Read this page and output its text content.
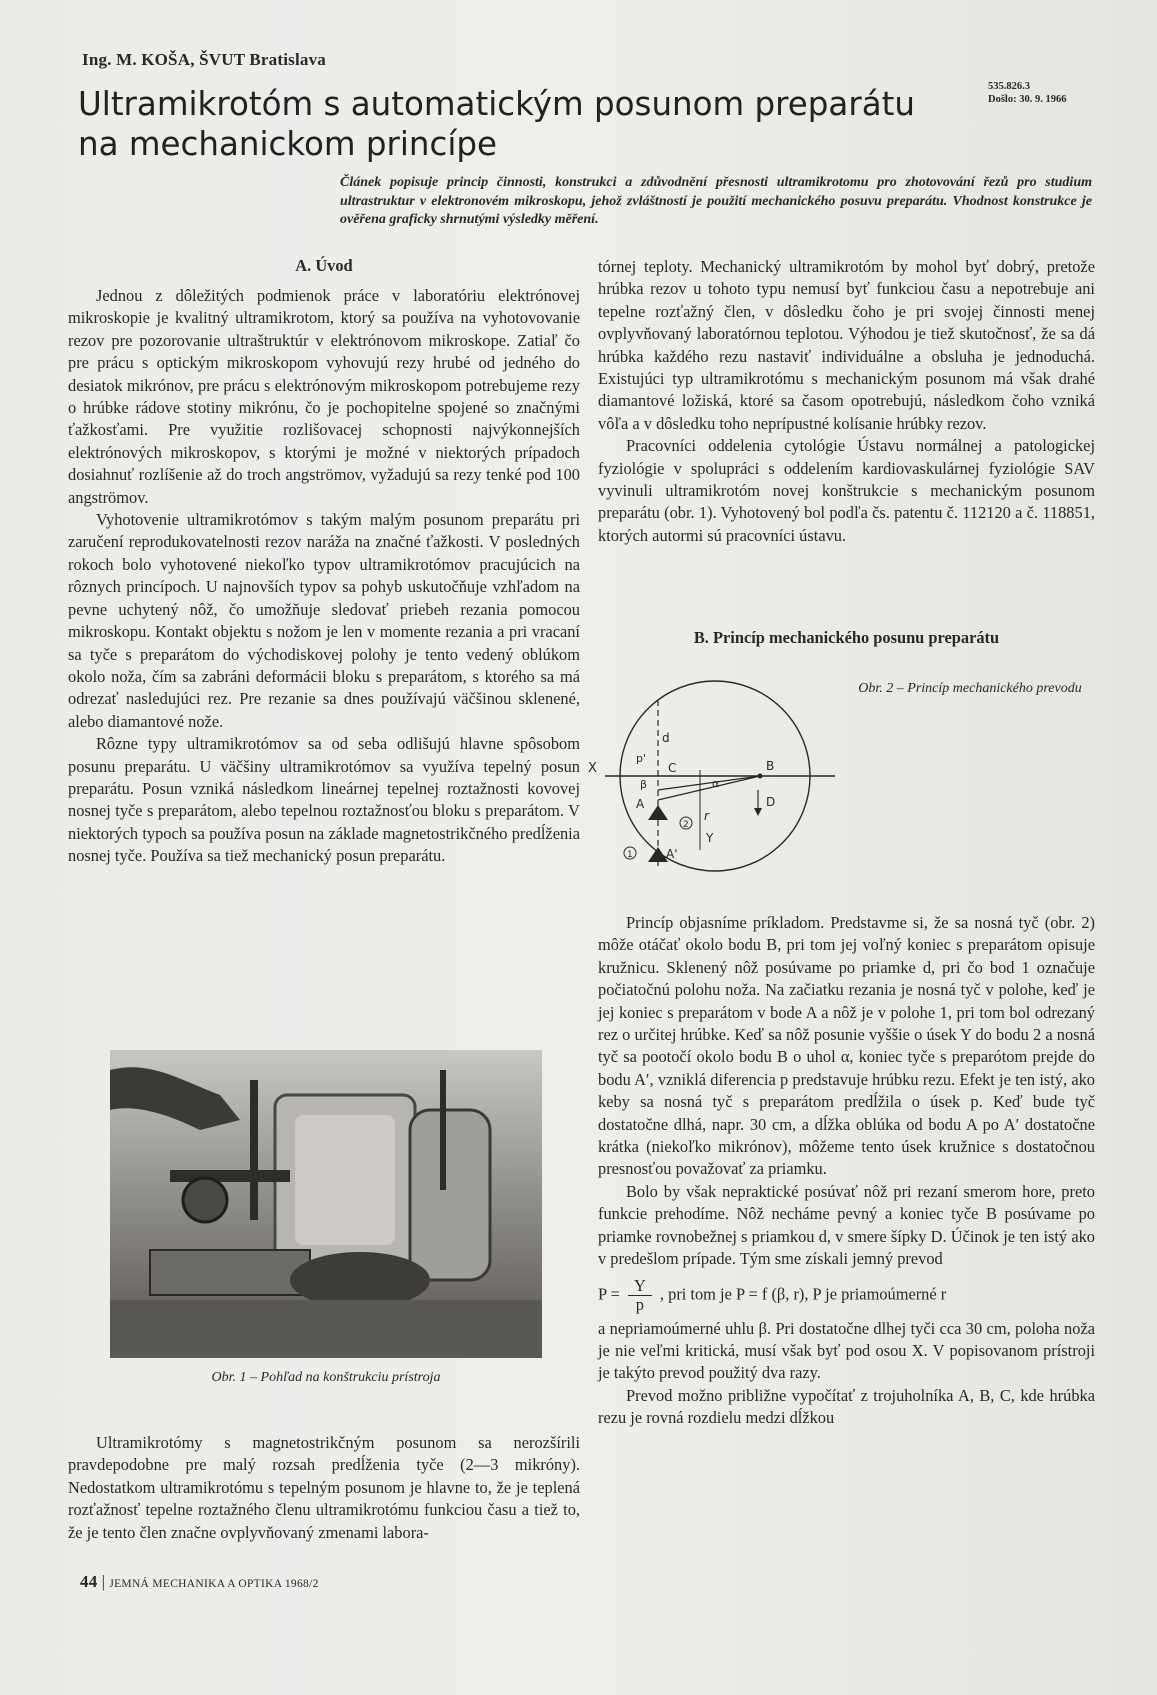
Ing. M. KOŠA, ŠVUT Bratislava
Ultramikrotóm s automatickým posunom preparátu
na mechanickom princípe
535.826.3
Došlo: 30. 9. 1966
Článek popisuje princip činnosti, konstrukci a zdůvodnění přesnosti ultramikrotomu pro zhotovování řezů pro studium ultrastruktur v elektronovém mikroskopu, jehož zvláštností je použití mechanického posuvu preparátu. Vhodnost konstrukce je ověřena graficky shrnutými výsledky měření.
A. Úvod

Jednou z dôležitých podmienok práce v laboratóriu elektrónovej mikroskopie je kvalitný ultramikrotom, ktorý sa používa na vyhotovovanie rezov pre pozorovanie ultraštruktúr v elektrónovom mikroskope. Zatiaľ čo pre prácu s optickým mikroskopom vyhovujú rezy hrubé od jedného do desiatok mikrónov, pre prácu s elektrónovým mikroskopom potrebujeme rezy o hrúbke rádove stotiny mikrónu, čo je pochopitelne spojené so značnými ťažkosťami. Pre využitie rozlišovacej schopnosti najvýkonnejších elektrónových mikroskopov, s ktorými je možné v niektorých prípadoch dosiahnuť rozlíšenie až do troch angströmov, vyžadujú sa rezy tenké pod 100 angströmov.

Vyhotovenie ultramikrotómov s takým malým posunom preparátu pri zaručení reprodukovatelnosti rezov naráža na značné ťažkosti. V posledných rokoch bolo vyhotovené niekoľko typov ultramikrotómov pracujúcich na rôznych princípoch. U najnovších typov sa pohyb uskutočňuje vzhľadom na pevne uchytený nôž, čo umožňuje sledovať priebeh rezania pomocou mikroskopu. Kontakt objektu s nožom je len v momente rezania a pri vracaní sa tyče s preparátom do východiskovej polohy je tento vedený oblúkom okolo noža, čím sa zabráni deformácii bloku s preparátom, s ktorého sa má odrezať nasledujúci rez. Pre rezanie sa dnes používajú väčšinou sklenené, alebo diamantové nože.

Rôzne typy ultramikrotómov sa od seba odlišujú hlavne spôsobom posunu preparátu. U väčšiny ultramikrotómov sa využíva tepelný posun preparátu. Posun vzniká následkom lineárnej tepelnej roztažnosti kovovej nosnej tyče s preparátom, alebo tepelnou roztažnosťou bloku s preparátom. V niektorých typoch sa používa posun na základe magnetostrikčného predĺženia nosnej tyče. Používa sa tiež mechanický posun preparátu.

Obr. 1 – Pohľad na konštrukciu prístroja

Ultramikrotómy s magnetostrikčným posunom sa nerozšírili pravdepodobne pre malý rozsah predĺženia tyče (2—3 mikróny). Nedostatkom ultramikrotómu s tepelným posunom je hlavne to, že je teplená rozťažnosť tepelne roztažného členu ultramikrotómu funkciou času a tiež to, že je tento člen značne ovplyvňovaný zmenami labora-

tórnej teploty. Mechanický ultramikrotóm by mohol byť dobrý, pretože hrúbka rezov u tohoto typu nemusí byť funkciou času a nepotrebuje ani tepelne rozťažný člen, v dôsledku čoho je pri svojej činnosti menej ovplyvňovaný laboratórnou teplotou. Výhodou je tiež skutočnosť, že sa dá hrúbka každého rezu nastaviť individuálne a obsluha je jednoduchá. Existujúci typ ultramikrotómu s mechanickým posunom má však drahé diamantové ložiská, ktoré sa časom opotrebujú, následkom čoho vzniká vôľa a v dôsledku toho neprípustné kolísanie hrúbky rezov.

Pracovníci oddelenia cytológie Ústavu normálnej a patologickej fyziológie v spolupráci s oddelením kardiovaskulárnej fyziológie SAV vyvinuli ultramikrotóm novej konštrukcie s mechanickým posunom preparátu (obr. 1). Vyhotovený bol podľa čs. patentu č. 112120 a č. 118851, ktorých autormi sú pracovníci ústavu.

B. Princíp mechanického posunu preparátu
X
p'
C	B
d
β	α
A
A'
r
D
Y
1
2
Obr. 2 – Princíp mechanického prevodu

Princíp objasníme príkladom. Predstavme si, že sa nosná tyč (obr. 2) môže otáčať okolo bodu B, pri tom jej voľný koniec s preparátom opisuje kružnicu. Sklenený nôž posúvame po priamke d, pri čo bod 1 označuje počiatočnú polohu noža. Na začiatku rezania je nosná tyč v polohe, keď je jej koniec s preparátom v bode A a nôž je v polohe 1, pri tom bol odrezaný rez o určitej hrúbke. Keď sa nôž posunie vyššie o úsek Y do bodu 2 a nosná tyč sa pootočí okolo bodu B o uhol α, koniec tyče s preparótom prejde do bodu A′, vzniklá diferencia p predstavuje hrúbku rezu. Efekt je ten istý, ako keby sa nosná tyč s preparátom predĺžila o úsek p. Keď bude tyč dostatočne dlhá, napr. 30 cm, a dĺžka oblúka od bodu A po A′ dostatočne krátka (niekoľko mikrónov), môžeme tento úsek kružnice s dostatočnou presnosťou považovať za priamku.

Bolo by však nepraktické posúvať nôž pri rezaní smerom hore, preto funkcie prehodíme. Nôž necháme pevný a koniec tyče B posúvame po priamke rovnobežnej s priamkou d, v smere šípky D. Účinok je ten istý ako v predešlom prípade. Tým sme získali jemný prevod

$P = \frac{Y}{p}$ , pri tom je P = f (β, r), P je priamoúmerné r

a nepriamoúmerné uhlu β. Pri dostatočne dlhej tyči cca 30 cm, poloha noža je nie veľmi kritická, musí však byť pod osou X. V popisovanom prístroji je takýto prevod použitý dva razy.

Prevod možno približne vypočítať z trojuholníka A, B, C, kde hrúbka rezu je rovná rozdielu medzi dĺžkou

44 | JEMNÁ MECHANIKA A OPTIKA 1968/2
